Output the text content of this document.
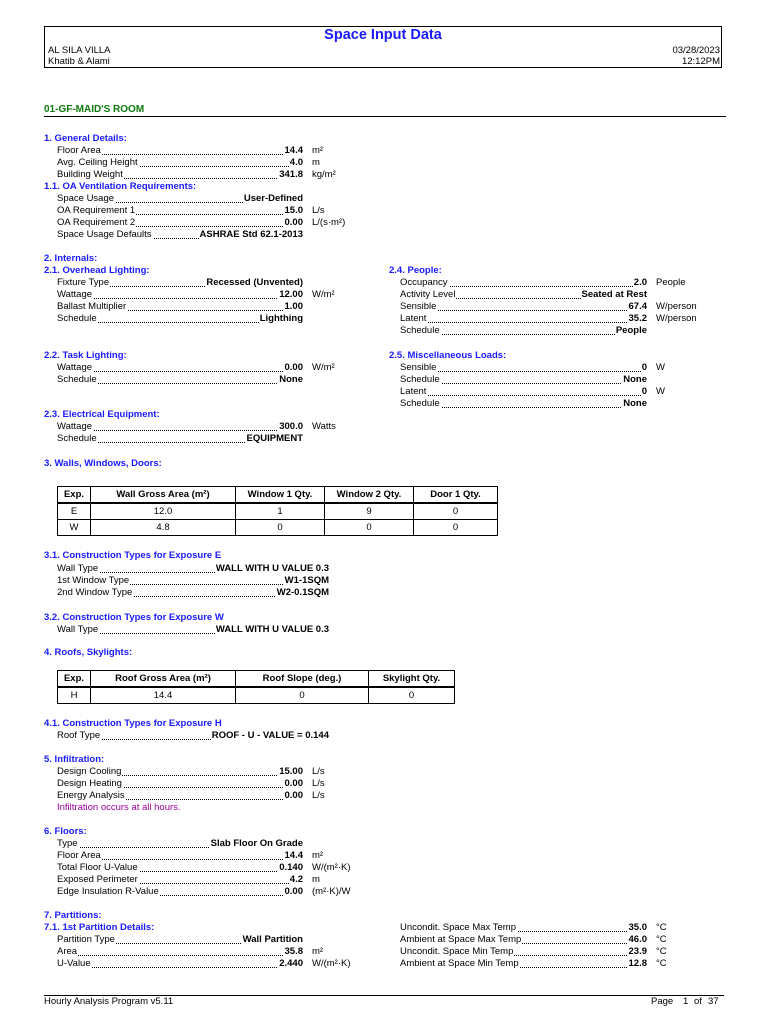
Space Input Data
AL SILA VILLA
Khatib & Alami
03/28/2023
12:12PM
01-GF-MAID'S ROOM
1. General Details:
Floor Area	14.4 m²
Avg. Ceiling Height	4.0 m
Building Weight	341.8 kg/m²
1.1. OA Ventilation Requirements:
Space Usage	User-Defined
OA Requirement 1	15.0 L/s
OA Requirement 2	0.00 L/(s·m²)
Space Usage Defaults	ASHRAE Std 62.1-2013
2. Internals:
2.1. Overhead Lighting:
Fixture Type	Recessed (Unvented)
Wattage	12.00 W/m²
Ballast Multiplier	1.00
Schedule	Lighthing
2.4. People:
Occupancy	2.0 People
Activity Level	Seated at Rest
Sensible	67.4 W/person
Latent	35.2 W/person
Schedule	People
2.2. Task Lighting:
Wattage	0.00 W/m²
Schedule	None
2.5. Miscellaneous Loads:
Sensible	0 W
Schedule	None
Latent	0 W
Schedule	None
2.3. Electrical Equipment:
Wattage	300.0 Watts
Schedule	EQUIPMENT
3. Walls, Windows, Doors:
3.1. Construction Types for Exposure E
Wall Type	WALL WITH U VALUE 0.3
1st Window Type	W1-1SQM
2nd Window Type	W2-0.1SQM
3.2. Construction Types for Exposure W
Wall Type	WALL WITH U VALUE 0.3
4. Roofs, Skylights:
4.1. Construction Types for Exposure H
Roof Type	ROOF - U - VALUE = 0.144
5. Infiltration:
Design Cooling	15.00 L/s
Design Heating	0.00 L/s
Energy Analysis	0.00 L/s
Infiltration occurs at all hours.
6. Floors:
Type	Slab Floor On Grade
Floor Area	14.4 m²
Total Floor U-Value	0.140 W/(m²·K)
Exposed Perimeter	4.2 m
Edge Insulation R-Value	0.00 (m²·K)/W
7. Partitions:
7.1. 1st Partition Details:
Partition Type	Wall Partition
Area	35.8 m²
U-Value	2.440 W/(m²·K)
Uncondit. Space Max Temp	35.0 °C
Ambient at Space Max Temp	46.0 °C
Uncondit. Space Min Temp	23.9 °C
Ambient at Space Min Temp	12.8 °C
Exp.	Wall Gross Area (m²)	Window 1 Qty.	Window 2 Qty.	Door 1 Qty.
E	12.0	1	9	0
W	4.8	0	0	0
Exp.	Roof Gross Area (m²)	Roof Slope (deg.)	Skylight Qty.
H	14.4	0	0
Hourly Analysis Program v5.11	Page 1 of 37
